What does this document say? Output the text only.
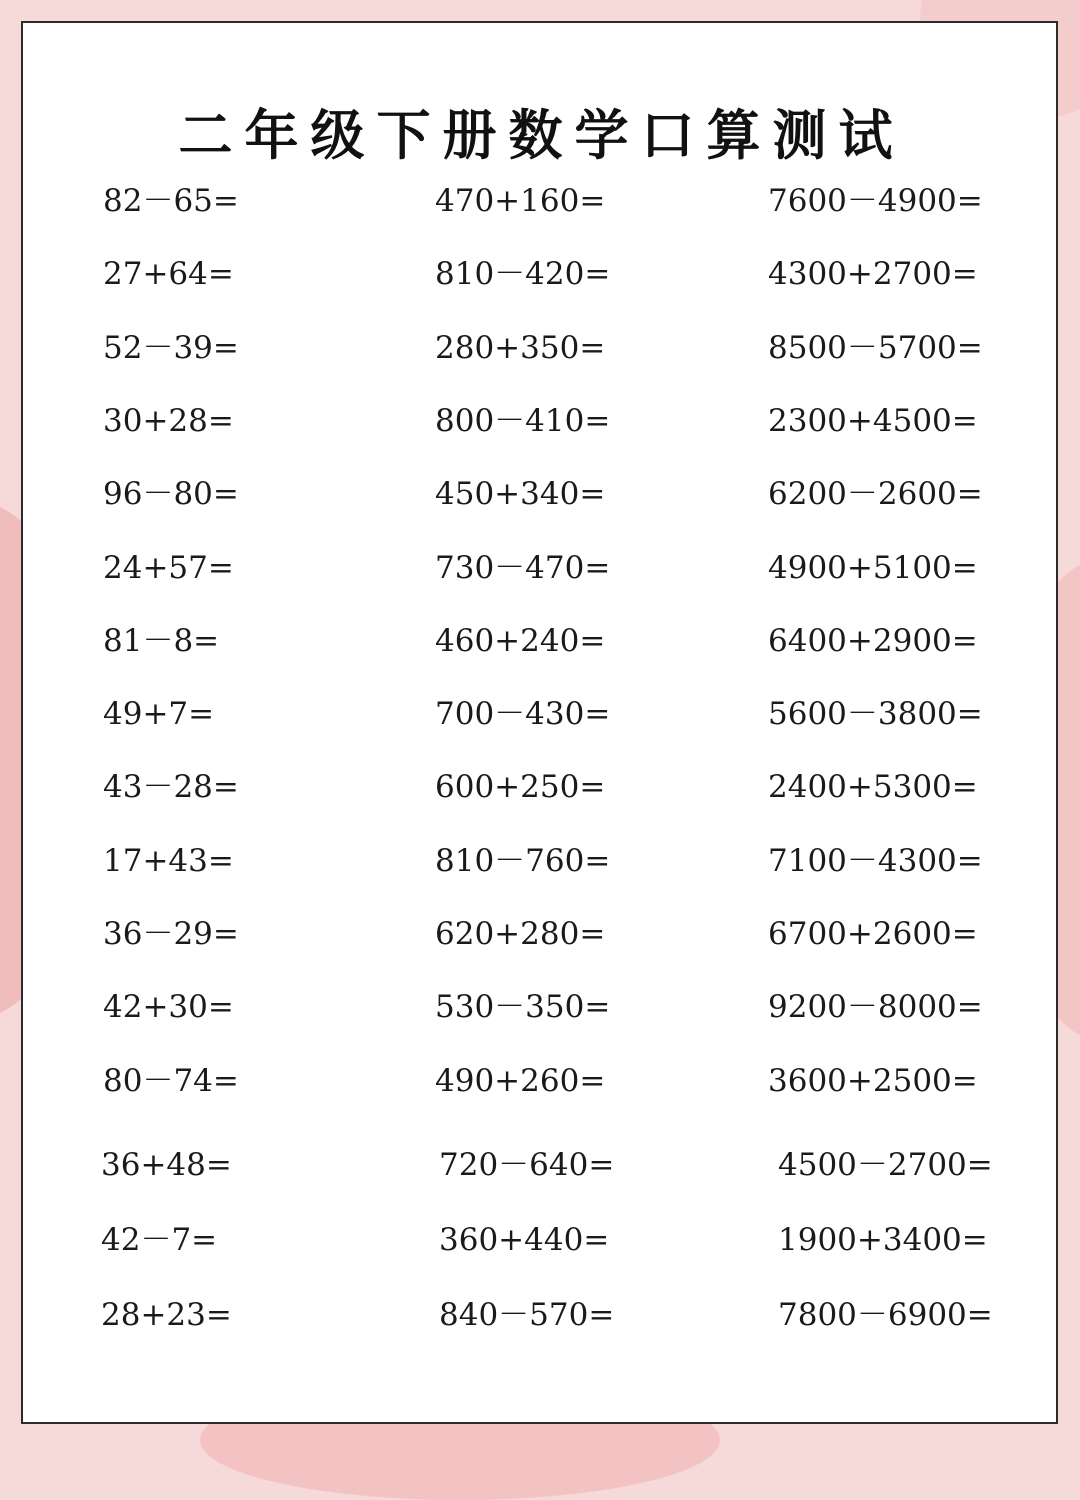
二年级下册数学口算测试
82－65=
27+64=
52－39=
30+28=
96－80=
24+57=
81－8=
49+7=
43－28=
17+43=
36－29=
42+30=
80－74=
36+48=
42－7=
28+23=
470+160=
810－420=
280+350=
800－410=
450+340=
730－470=
460+240=
700－430=
600+250=
810－760=
620+280=
530－350=
490+260=
720－640=
360+440=
840－570=
7600－4900=
4300+2700=
8500－5700=
2300+4500=
6200－2600=
4900+5100=
6400+2900=
5600－3800=
2400+5300=
7100－4300=
6700+2600=
9200－8000=
3600+2500=
4500－2700=
1900+3400=
7800－6900=
